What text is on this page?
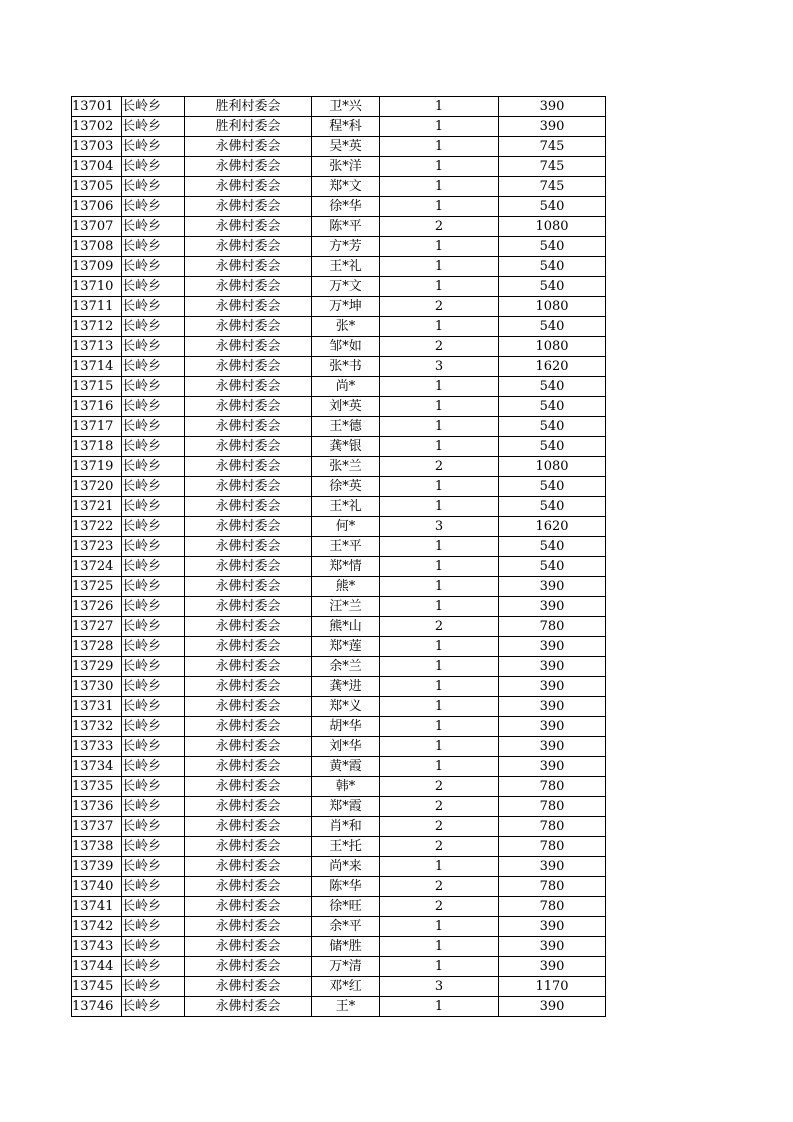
13701	长岭乡	胜利村委会	卫*兴	1	390
13702	长岭乡	胜利村委会	程*科	1	390
13703	长岭乡	永佛村委会	吴*英	1	745
13704	长岭乡	永佛村委会	张*洋	1	745
13705	长岭乡	永佛村委会	郑*文	1	745
13706	长岭乡	永佛村委会	徐*华	1	540
13707	长岭乡	永佛村委会	陈*平	2	1080
13708	长岭乡	永佛村委会	方*芳	1	540
13709	长岭乡	永佛村委会	王*礼	1	540
13710	长岭乡	永佛村委会	万*文	1	540
13711	长岭乡	永佛村委会	万*坤	2	1080
13712	长岭乡	永佛村委会	张*	1	540
13713	长岭乡	永佛村委会	邹*如	2	1080
13714	长岭乡	永佛村委会	张*书	3	1620
13715	长岭乡	永佛村委会	尚*	1	540
13716	长岭乡	永佛村委会	刘*英	1	540
13717	长岭乡	永佛村委会	王*德	1	540
13718	长岭乡	永佛村委会	龚*银	1	540
13719	长岭乡	永佛村委会	张*兰	2	1080
13720	长岭乡	永佛村委会	徐*英	1	540
13721	长岭乡	永佛村委会	王*礼	1	540
13722	长岭乡	永佛村委会	何*	3	1620
13723	长岭乡	永佛村委会	王*平	1	540
13724	长岭乡	永佛村委会	郑*情	1	540
13725	长岭乡	永佛村委会	熊*	1	390
13726	长岭乡	永佛村委会	汪*兰	1	390
13727	长岭乡	永佛村委会	熊*山	2	780
13728	长岭乡	永佛村委会	郑*莲	1	390
13729	长岭乡	永佛村委会	余*兰	1	390
13730	长岭乡	永佛村委会	龚*进	1	390
13731	长岭乡	永佛村委会	郑*义	1	390
13732	长岭乡	永佛村委会	胡*华	1	390
13733	长岭乡	永佛村委会	刘*华	1	390
13734	长岭乡	永佛村委会	黄*霞	1	390
13735	长岭乡	永佛村委会	韩*	2	780
13736	长岭乡	永佛村委会	郑*霞	2	780
13737	长岭乡	永佛村委会	肖*和	2	780
13738	长岭乡	永佛村委会	王*托	2	780
13739	长岭乡	永佛村委会	尚*来	1	390
13740	长岭乡	永佛村委会	陈*华	2	780
13741	长岭乡	永佛村委会	徐*旺	2	780
13742	长岭乡	永佛村委会	余*平	1	390
13743	长岭乡	永佛村委会	储*胜	1	390
13744	长岭乡	永佛村委会	万*清	1	390
13745	长岭乡	永佛村委会	邓*红	3	1170
13746	长岭乡	永佛村委会	王*	1	390
